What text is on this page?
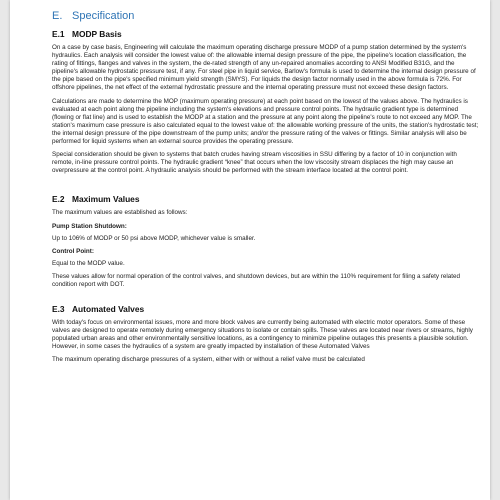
E. Specification
E.1 MODP Basis

On a case by case basis, Engineering will calculate the maximum operating discharge pressure MODP of a pump station determined by the system's hydraulics. Each analysis will consider the lowest value of: the allowable internal design pressure of the pipe, the pipeline's location classification, the rating of fittings, flanges and valves in the system, the de-rated strength of any un-repaired anomalies according to ANSI Modified B31G, and the pipeline's allowable hydrostatic pressure test, if any. For steel pipe in liquid service, Barlow's formula is used to determine the internal design pressure of the pipe based on the pipe's specified minimum yield strength (SMYS). For liquids the design factor normally used in the above formula is 72%. For offshore pipelines, the net effect of the external hydrostatic pressure and the internal operating pressure must not exceed these design factors.

Calculations are made to determine the MOP (maximum operating pressure) at each point based on the lowest of the values above. The hydraulics is evaluated at each point along the pipeline including the system's elevations and pressure control points. The hydraulic gradient type is determined (flowing or flat line) and is used to establish the MODP at a station and the pressure at any point along the pipeline's route to not exceed any MOP. The station's maximum case pressure is also calculated equal to the lowest value of: the allowable working pressure of the units, the station's hydrostatic test; the internal design pressure of the pipe downstream of the pump units; and/or the pressure rating of the valves or fittings. Similar analysis will also be performed for liquid systems when an external source provides the operating pressure.

Special consideration should be given to systems that batch crudes having stream viscosities in SSU differing by a factor of 10 in conjunction with remote, in-line pressure control points. The hydraulic gradient “knee” that occurs when the low viscosity stream displaces the high may cause an overpressure at the control point. A hydraulic analysis should be performed with the stream interface located at the control point.

E.2 Maximum Values

The maximum values are established as follows:

Pump Station Shutdown:

Up to 106% of MODP or 50 psi above MODP, whichever value is smaller.

Control Point:

Equal to the MODP value.

These values allow for normal operation of the control valves, and shutdown devices, but are within the 110% requirement for filing a safety related condition report with DOT.

E.3 Automated Valves

With today's focus on environmental issues, more and more block valves are currently being automated with electric motor operators. Some of these valves are designed to operate remotely during emergency situations to isolate or contain spills. These valves are located near rivers or streams, highly populated urban areas and other environmentally sensitive locations, as a contingency to minimize pipeline outages this presents a plausible solution. However, in some cases the hydraulics of a system are greatly impacted by installation of these Automated Valves

The maximum operating discharge pressures of a system, either with or without a relief valve must be calculated
